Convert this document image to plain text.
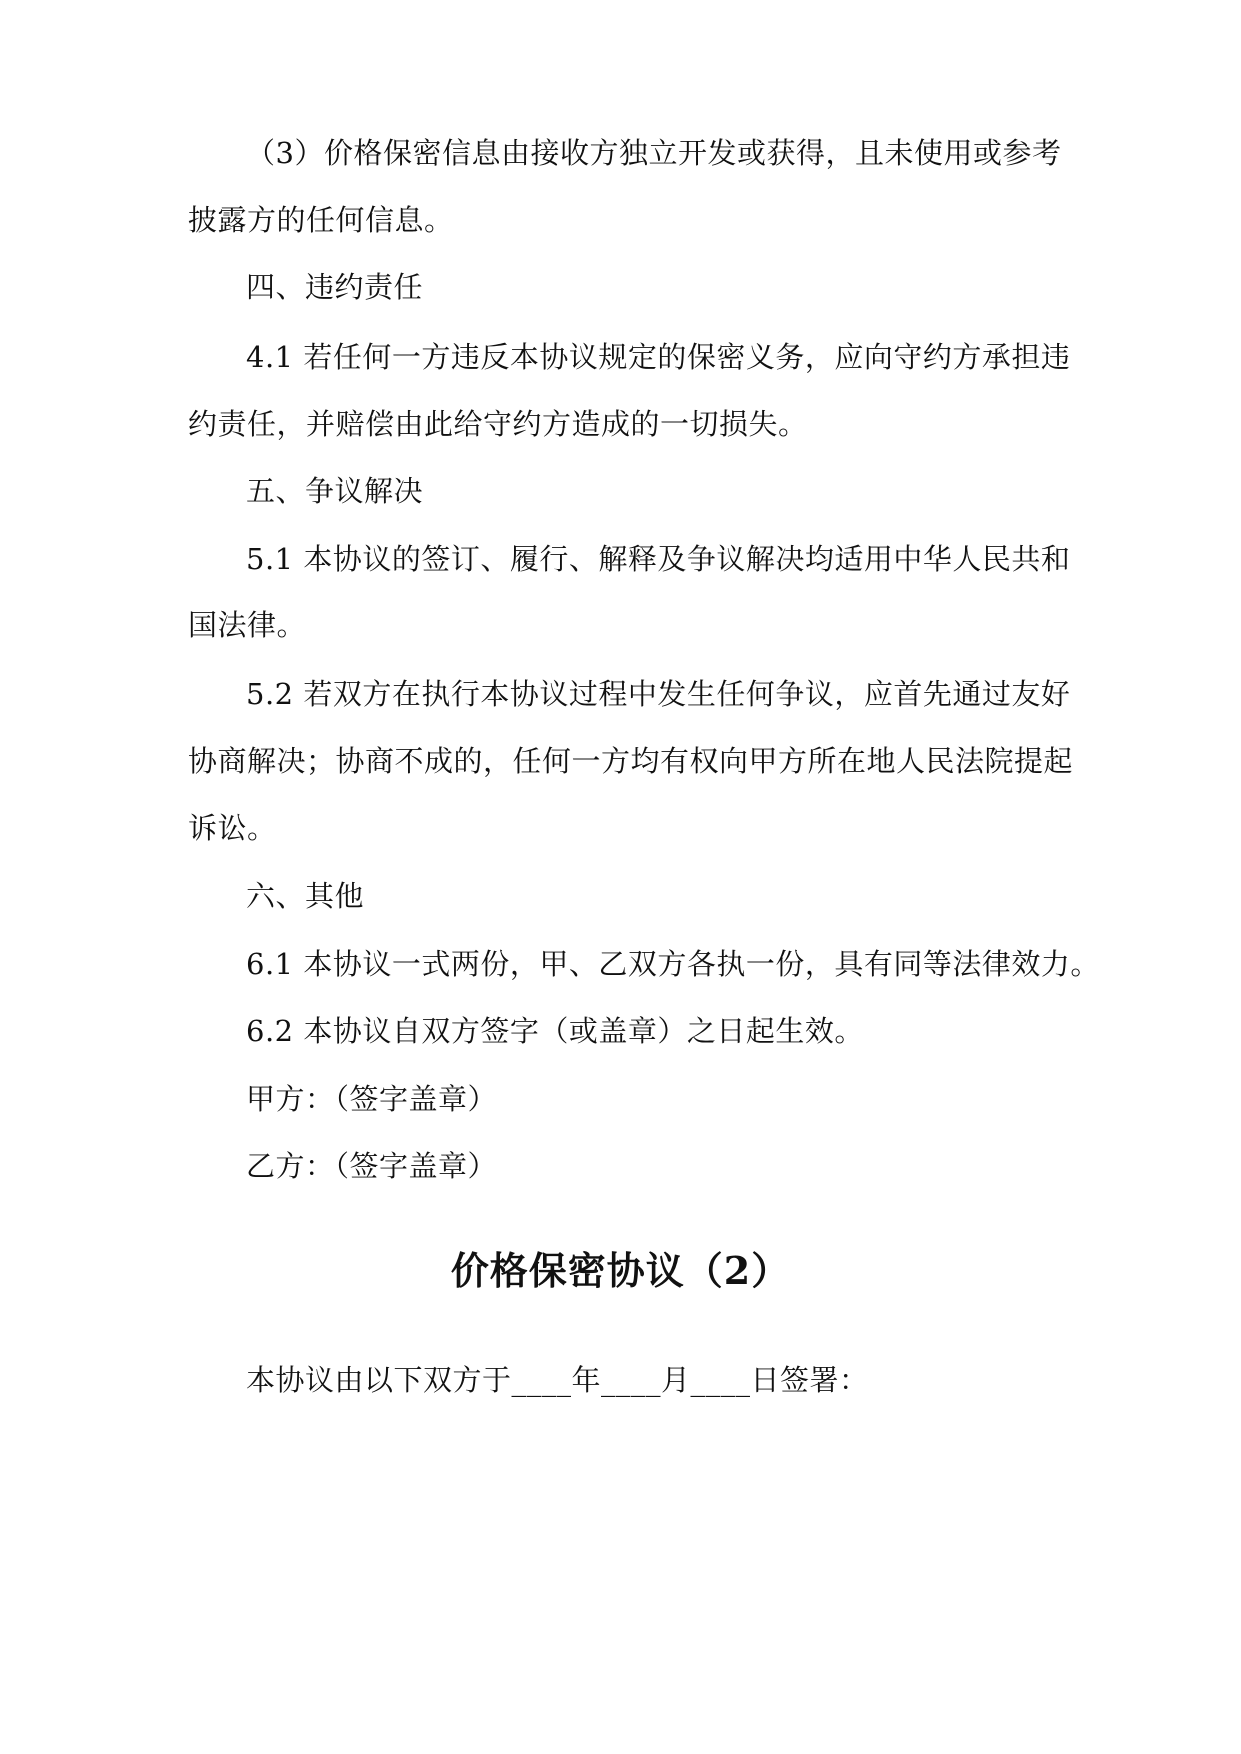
（3）价格保密信息由接收方独立开发或获得，且未使用或参考
披露方的任何信息。
四、违约责任
4.1 若任何一方违反本协议规定的保密义务，应向守约方承担违
约责任，并赔偿由此给守约方造成的一切损失。
五、争议解决
5.1 本协议的签订、履行、解释及争议解决均适用中华人民共和
国法律。
5.2 若双方在执行本协议过程中发生任何争议，应首先通过友好
协商解决；协商不成的，任何一方均有权向甲方所在地人民法院提起
诉讼。
六、其他
6.1 本协议一式两份，甲、乙双方各执一份，具有同等法律效力。
6.2 本协议自双方签字（或盖章）之日起生效。
甲方：（签字盖章）
乙方：（签字盖章）
价格保密协议（2）
本协议由以下双方于____年____月____日签署：
